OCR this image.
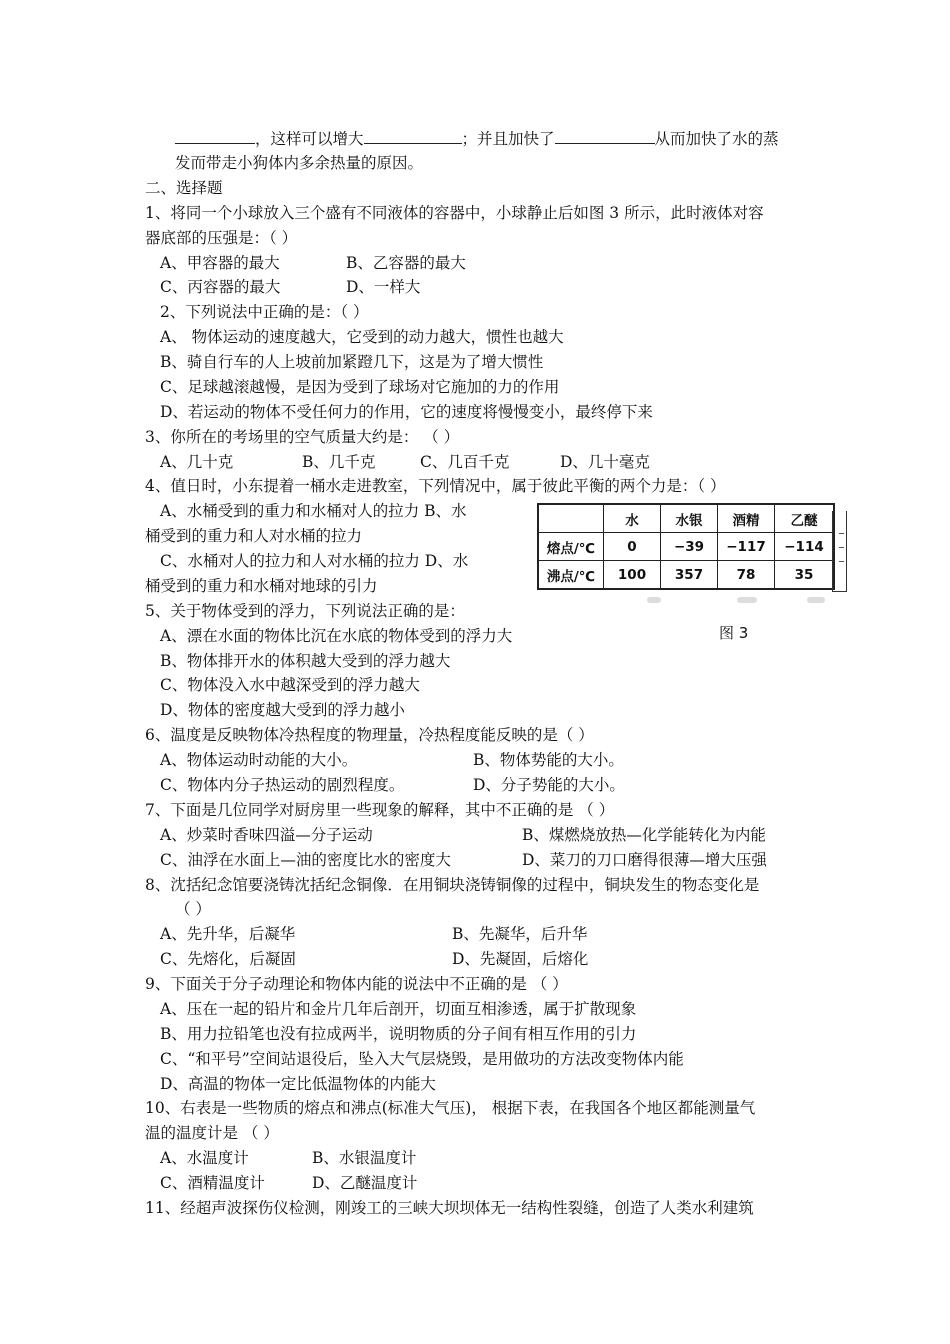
，这样可以增大	；并且加快了	从而加快了水的蒸
发而带走小狗体内多余热量的原因。
二、选择题
1、将同一个小球放入三个盛有不同液体的容器中，小球静止后如图 3 所示，此时液体对容
器底部的压强是：（ ）
A、甲容器的最大	B、乙容器的最大
C、丙容器的最大	D、一样大
2、下列说法中正确的是：（ ）
A、 物体运动的速度越大，它受到的动力越大，惯性也越大
B、骑自行车的人上坡前加紧蹬几下，这是为了增大惯性
C、足球越滚越慢，是因为受到了球场对它施加的力的作用
D、若运动的物体不受任何力的作用，它的速度将慢慢变小，最终停下来
3、你所在的考场里的空气质量大约是： （ ）
A、几十克	B、几千克	C、几百千克	D、几十毫克
4、值日时，小东提着一桶水走进教室，下列情况中，属于彼此平衡的两个力是：（ ）
A、水桶受到的重力和水桶对人的拉力 B、水
桶受到的重力和人对水桶的拉力
C、水桶对人的拉力和人对水桶的拉力 D、水
桶受到的重力和水桶对地球的引力
5、关于物体受到的浮力，下列说法正确的是：
A、漂在水面的物体比沉在水底的物体受到的浮力大
B、物体排开水的体积越大受到的浮力越大
C、物体没入水中越深受到的浮力越大
D、物体的密度越大受到的浮力越小
6、温度是反映物体冷热程度的物理量，冷热程度能反映的是（ ）
A、物体运动时动能的大小。	B、物体势能的大小。
C、物体内分子热运动的剧烈程度。	D、分子势能的大小。
7、下面是几位同学对厨房里一些现象的解释，其中不正确的是 （ ）
A、炒菜时香味四溢—分子运动	B、煤燃烧放热—化学能转化为内能
C、油浮在水面上—油的密度比水的密度大	D、菜刀的刀口磨得很薄—增大压强
8、沈括纪念馆要浇铸沈括纪念铜像．在用铜块浇铸铜像的过程中，铜块发生的物态变化是
（ ）
A、先升华，后凝华	B、先凝华，后升华
C、先熔化，后凝固	D、先凝固，后熔化
9、下面关于分子动理论和物体内能的说法中不正确的是 （ ）
A、压在一起的铅片和金片几年后剖开，切面互相渗透，属于扩散现象
B、用力拉铅笔也没有拉成两半，说明物质的分子间有相互作用的引力
C、“和平号”空间站退役后，坠入大气层烧毁，是用做功的方法改变物体内能
D、高温的物体一定比低温物体的内能大
10、右表是一些物质的熔点和沸点(标准大气压)， 根据下表，在我国各个地区都能测量气
温的温度计是 （ ）
A、水温度计	B、水银温度计
C、酒精温度计	D、乙醚温度计
11、经超声波探伤仪检测，刚竣工的三峡大坝坝体无一结构性裂缝，创造了人类水利建筑
	水	水银	酒精	乙醚
熔点/℃	0	−39	−117	−114
沸点/℃	100	357	78	35
图 3
